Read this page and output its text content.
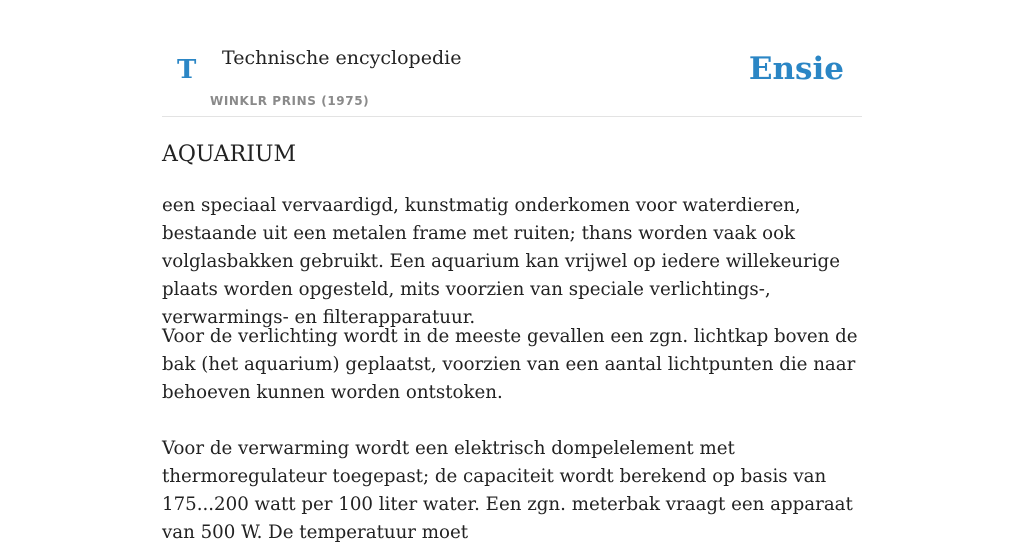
T Technische encyclopedie
WINKLR PRINS (1975)
Ensie
AQUARIUM

een speciaal vervaardigd, kunstmatig onderkomen voor waterdieren, bestaande uit een metalen frame met ruiten; thans worden vaak ook volglasbakken gebruikt. Een aquarium kan vrijwel op iedere willekeurige plaats worden opgesteld, mits voorzien van speciale verlichtings-, verwarmings- en filterapparatuur.

Voor de verlichting wordt in de meeste gevallen een zgn. lichtkap boven de bak (het aquarium) geplaatst, voorzien van een aantal lichtpunten die naar behoeven kunnen worden ontstoken.

Voor de verwarming wordt een elektrisch dompelelement met thermoregulateur toegepast; de capaciteit wordt berekend op basis van 175...200 watt per 100 liter water. Een zgn. meterbak vraagt een apparaat van 500 W. De temperatuur moet
